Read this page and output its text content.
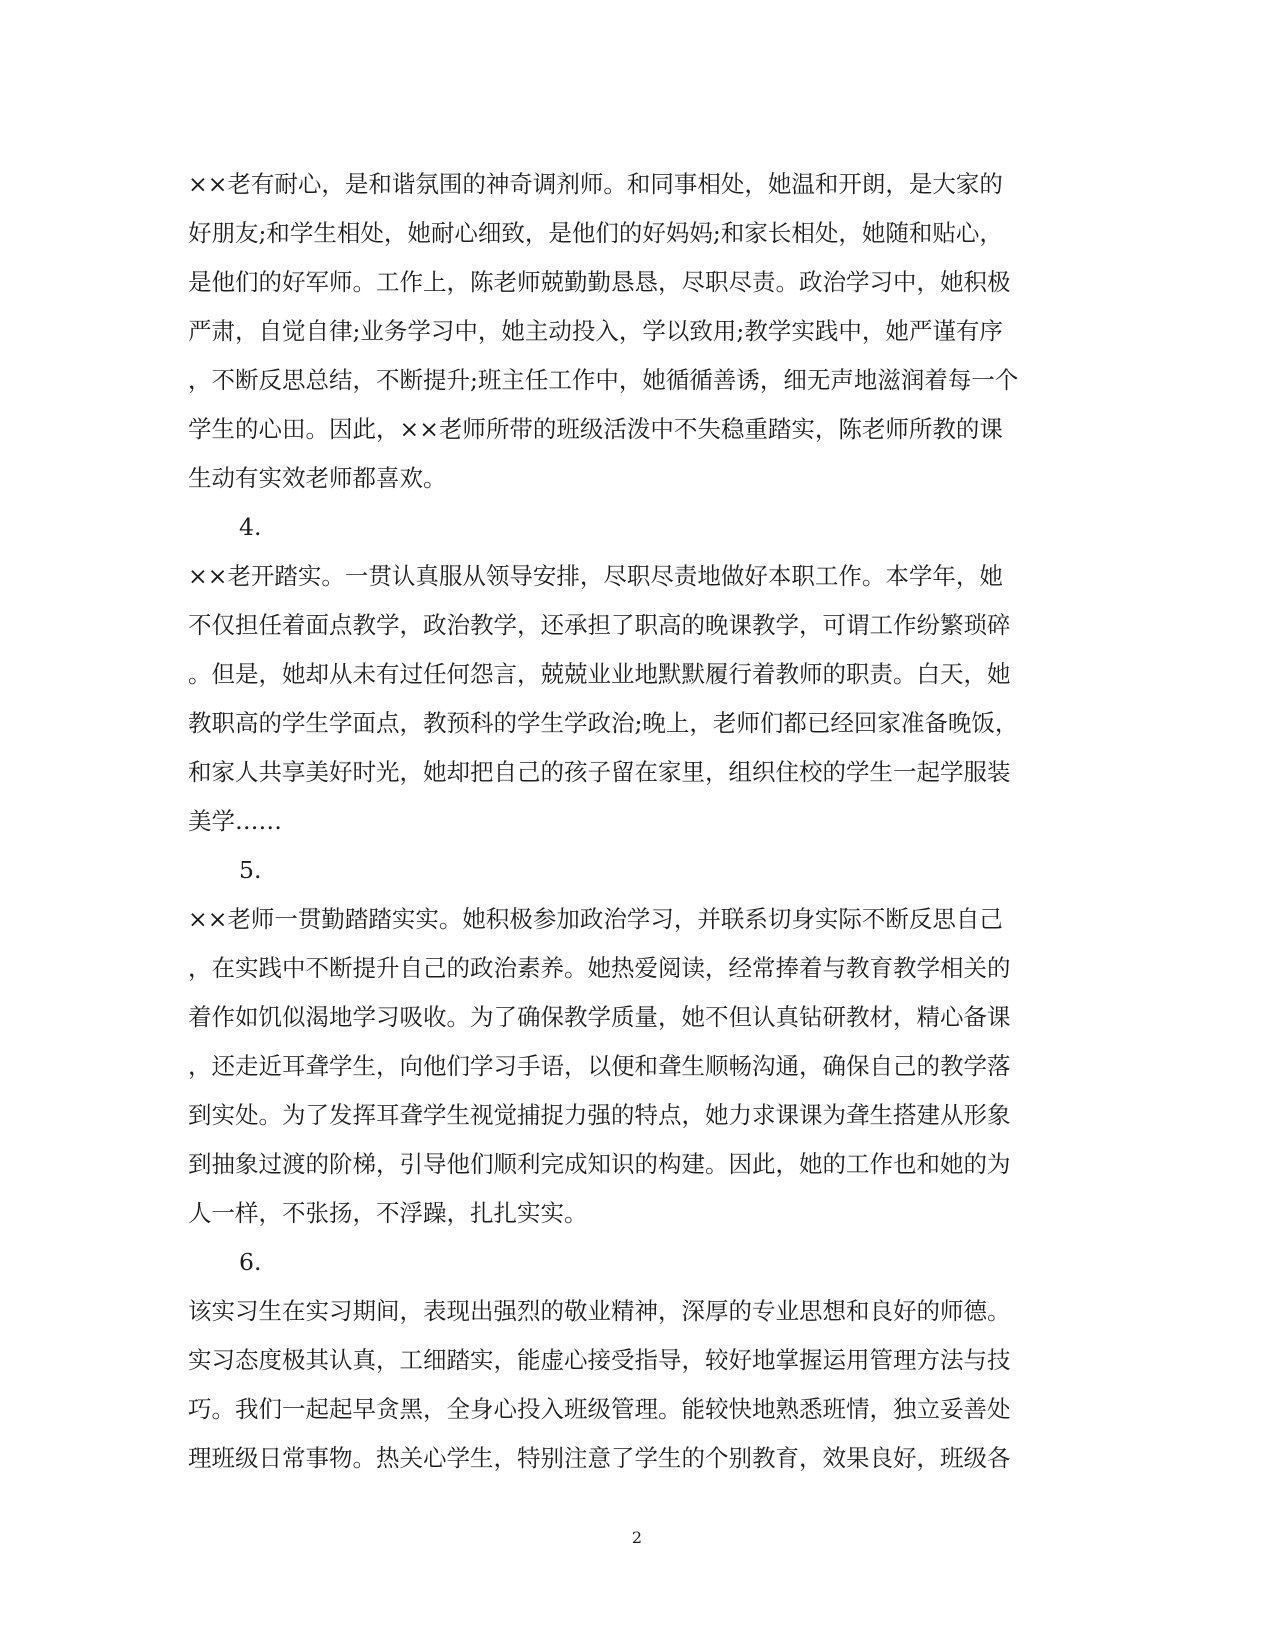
××老有耐心，是和谐氛围的神奇调剂师。和同事相处，她温和开朗，是大家的
好朋友;和学生相处，她耐心细致，是他们的好妈妈;和家长相处，她随和贴心，
是他们的好军师。工作上，陈老师兢勤勤恳恳，尽职尽责。政治学习中，她积极
严肃，自觉自律;业务学习中，她主动投入，学以致用;教学实践中，她严谨有序
，不断反思总结，不断提升;班主任工作中，她循循善诱，细无声地滋润着每一个
学生的心田。因此，××老师所带的班级活泼中不失稳重踏实，陈老师所教的课
生动有实效老师都喜欢。
4.
××老开踏实。一贯认真服从领导安排，尽职尽责地做好本职工作。本学年，她
不仅担任着面点教学，政治教学，还承担了职高的晚课教学，可谓工作纷繁琐碎
。但是，她却从未有过任何怨言，兢兢业业地默默履行着教师的职责。白天，她
教职高的学生学面点，教预科的学生学政治;晚上，老师们都已经回家准备晚饭，
和家人共享美好时光，她却把自己的孩子留在家里，组织住校的学生一起学服装
美学……
5.
××老师一贯勤踏踏实实。她积极参加政治学习，并联系切身实际不断反思自己
，在实践中不断提升自己的政治素养。她热爱阅读，经常捧着与教育教学相关的
着作如饥似渴地学习吸收。为了确保教学质量，她不但认真钻研教材，精心备课
，还走近耳聋学生，向他们学习手语，以便和聋生顺畅沟通，确保自己的教学落
到实处。为了发挥耳聋学生视觉捕捉力强的特点，她力求课课为聋生搭建从形象
到抽象过渡的阶梯，引导他们顺利完成知识的构建。因此，她的工作也和她的为
人一样，不张扬，不浮躁，扎扎实实。
6.
该实习生在实习期间，表现出强烈的敬业精神，深厚的专业思想和良好的师德。
实习态度极其认真，工细踏实，能虚心接受指导，较好地掌握运用管理方法与技
巧。我们一起起早贪黑，全身心投入班级管理。能较快地熟悉班情，独立妥善处
理班级日常事物。热关心学生，特别注意了学生的个别教育，效果良好，班级各
2
